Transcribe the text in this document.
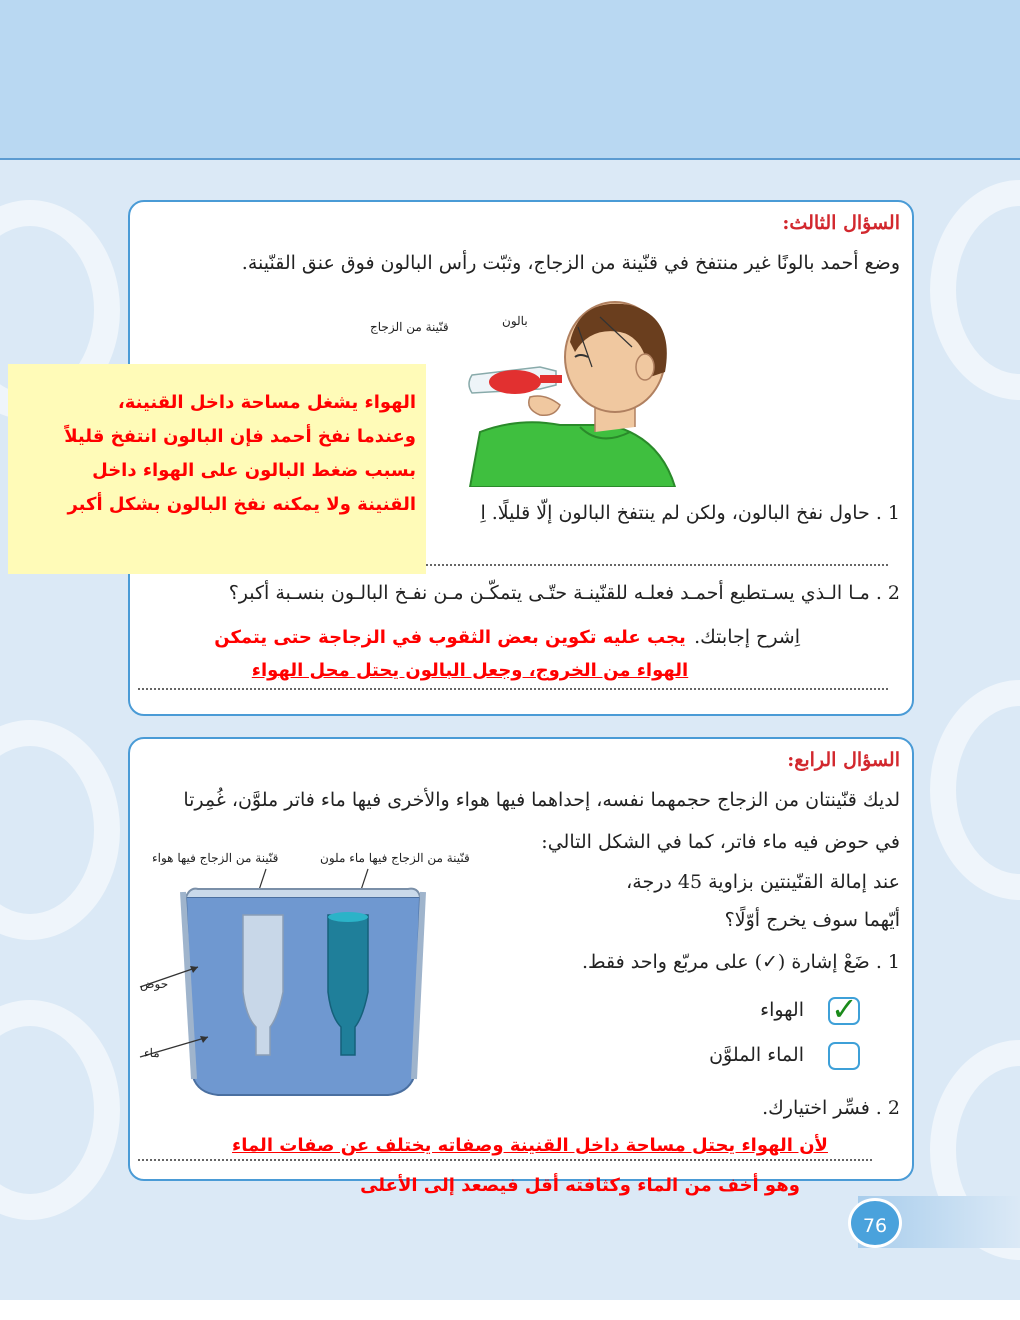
السؤال الثالث:
وضع أحمد بالونًا غير منتفخ في قنّينة من الزجاج، وثبّت رأس البالون فوق عنق القنّينة.
بالون
قنّينة من الزجاج
1 . حاول نفخ البالون، ولكن لم ينتفخ البالون إلّا قليلًا. اِ
2 . مـا الـذي يسـتطيع أحمـد فعلـه للقنّينـة حتّـى يتمكّـن مـن نفـخ البالـون بنسـبة أكبر؟
اِشرح إجابتك.
يجب عليه تكوين بعض الثقوب في الزجاجة حتى يتمكن
الهواء من الخروج، وجعل البالون يحتل محل الهواء
الهواء يشغل مساحة داخل القنينة،
وعندما نفخ أحمد فإن البالون انتفخ قليلاً
بسبب ضغط البالون على الهواء داخل
القنينة ولا يمكنه نفخ البالون بشكل أكبر
السؤال الرابع:
لديك قنّينتان من الزجاج حجمهما نفسه، إحداهما فيها هواء والأخرى فيها ماء فاتر ملوَّن، غُمِرتا
في حوض فيه ماء فاتر، كما في الشكل التالي:
عند إمالة القنّينتين بزاوية 45 درجة،
أيّهما سوف يخرج أوّلًا؟
1 . ضَعْ إشارة (✓) على مربّع واحد فقط.
✓
الهواء
الماء الملوَّن
2 . فسِّر اختيارك.
قنّينة من الزجاج فيها ماء ملون
قنّينة من الزجاج فيها هواء
حوض
ماء
لأن الهواء يحتل مساحة داخل القنينة وصفاته يختلف عن صفات الماء
وهو أخف من الماء وكثافته أقل فيصعد إلى الأعلى
76
